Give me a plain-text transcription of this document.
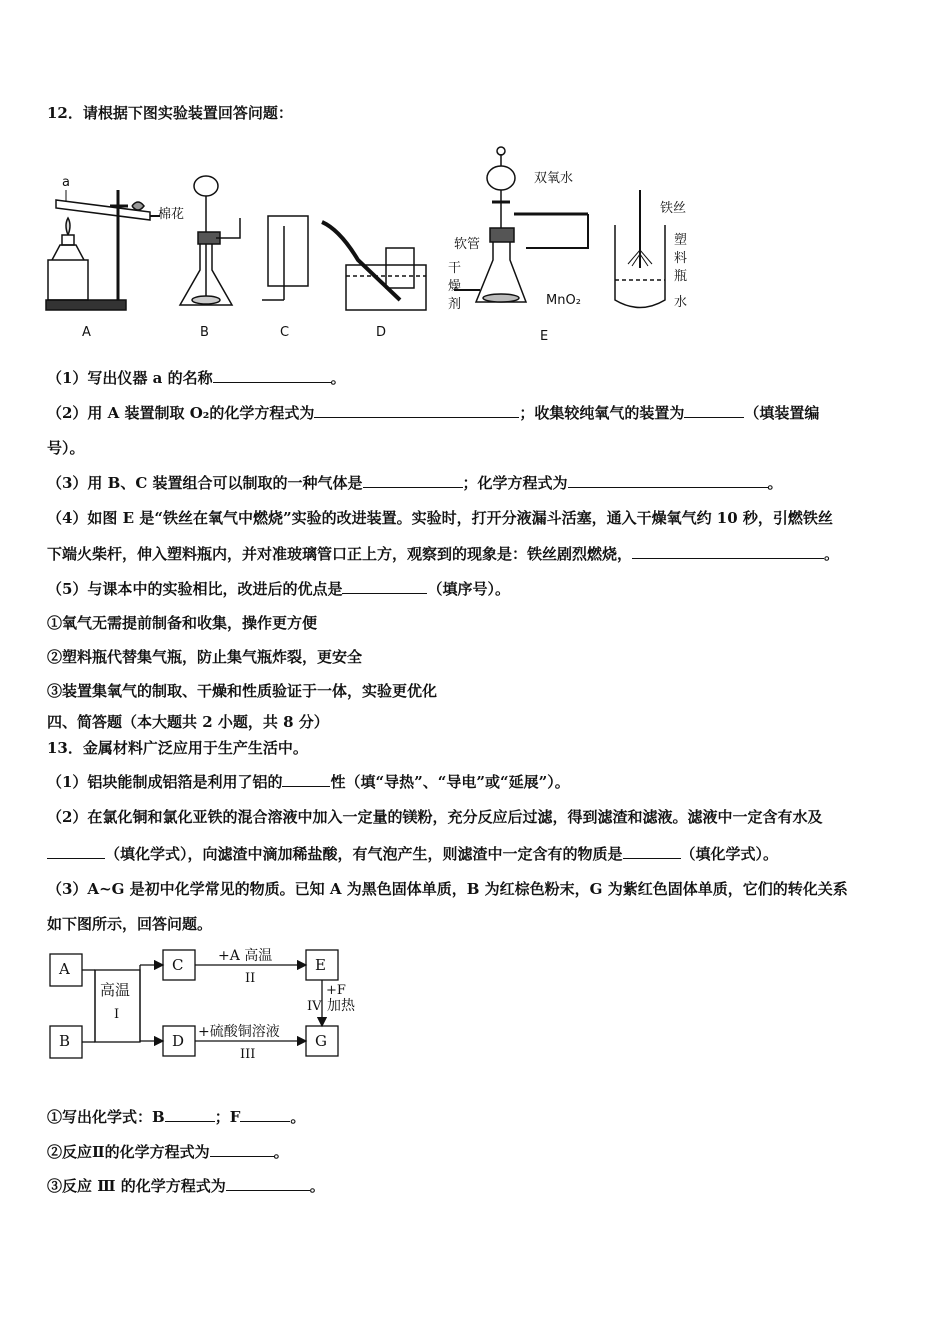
12．请根据下图实验装置回答问题：
a
棉花
双氧水
软管
干
燥
剂	MnO₂
铁丝
塑
料
瓶
水
A	B	C	D	E
（1）写出仪器 a 的名称	。
（2）用 A 装置制取 O₂的化学方程式为	；收集较纯氧气的装置为	（填装置编
号）。
（3）用 B、C 装置组合可以制取的一种气体是	；化学方程式为	。
（4）如图 E 是“铁丝在氧气中燃烧”实验的改进装置。实验时，打开分液漏斗活塞，通入干燥氧气约 10 秒，引燃铁丝
下端火柴杆，伸入塑料瓶内，并对准玻璃管口正上方，观察到的现象是：铁丝剧烈燃烧，	。
（5）与课本中的实验相比，改进后的优点是	（填序号）。
①氧气无需提前制备和收集，操作更方便
②塑料瓶代替集气瓶，防止集气瓶炸裂，更安全
③装置集氧气的制取、干燥和性质验证于一体，实验更优化
四、简答题（本大题共 2 小题，共 8 分）
13．金属材料广泛应用于生产生活中。
（1）铝块能制成铝箔是利用了铝的	性（填“导热”、“导电”或“延展”）。
（2）在氯化铜和氯化亚铁的混合溶液中加入一定量的镁粉，充分反应后过滤，得到滤渣和滤液。滤液中一定含有水及
（填化学式），向滤渣中滴加稀盐酸，有气泡产生，则滤渣中一定含有的物质是	（填化学式）。
（3）A~G 是初中化学常见的物质。已知 A 为黑色固体单质，B 为红棕色粉末，G 为紫红色固体单质，它们的转化关系
如下图所示，回答问题。
A
B
C
D
E
G
高温
I
+A 高温
II
+硫酸铜溶液
III
+F
IV 加热
①写出化学式：B	；F	。
②反应Ⅱ的化学方程式为	。
③反应 Ⅲ 的化学方程式为	。
